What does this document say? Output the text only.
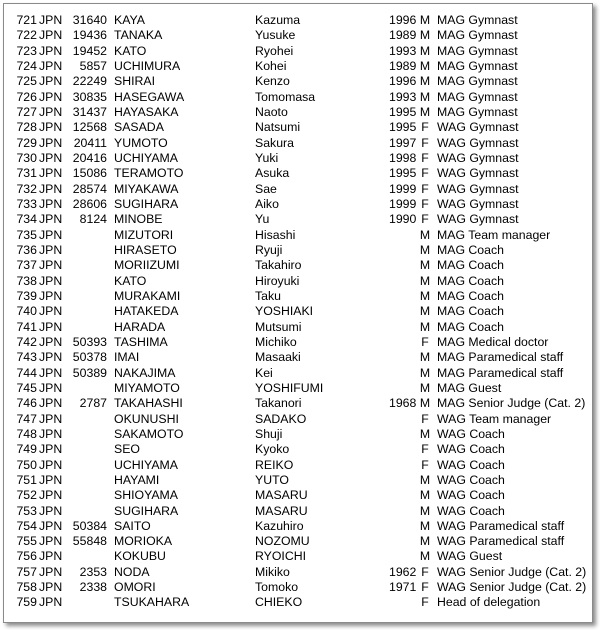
721 JPN 31640 KAYA	Kazuma	1996 M MAG Gymnast
722 JPN 19436 TANAKA	Yusuke	1989 M MAG Gymnast
723 JPN 19452 KATO	Ryohei	1993 M MAG Gymnast
724 JPN	5857 UCHIMURA	Kohei	1989 M MAG Gymnast
725 JPN 22249 SHIRAI	Kenzo	1996 M MAG Gymnast
726 JPN 30835 HASEGAWA	Tomomasa	1993 M MAG Gymnast
727 JPN 31437 HAYASAKA	Naoto	1995 M MAG Gymnast
728 JPN 12568 SASADA	Natsumi	1995 F WAG Gymnast
729 JPN 20411 YUMOTO	Sakura	1997 F WAG Gymnast
730 JPN 20416 UCHIYAMA	Yuki	1998 F WAG Gymnast
731 JPN 15086 TERAMOTO	Asuka	1995 F WAG Gymnast
732 JPN 28574 MIYAKAWA	Sae	1999 F WAG Gymnast
733 JPN 28606 SUGIHARA	Aiko	1999 F WAG Gymnast
734 JPN	8124 MINOBE	Yu	1990 F WAG Gymnast
735 JPN	MIZUTORI	Hisashi	M MAG Team manager
736 JPN	HIRASETO	Ryuji	M MAG Coach
737 JPN	MORIIZUMI	Takahiro	M MAG Coach
738 JPN	KATO	Hiroyuki	M MAG Coach
739 JPN	MURAKAMI	Taku	M MAG Coach
740 JPN	HATAKEDA	YOSHIAKI	M MAG Coach
741 JPN	HARADA	Mutsumi	M MAG Coach
742 JPN 50393 TASHIMA	Michiko	F MAG Medical doctor
743 JPN 50378 IMAI	Masaaki	M MAG Paramedical staff
744 JPN 50389 NAKAJIMA	Kei	M MAG Paramedical staff
745 JPN	MIYAMOTO	YOSHIFUMI	M MAG Guest
746 JPN	2787 TAKAHASHI	Takanori	1968 M MAG Senior Judge (Cat. 2)
747 JPN	OKUNUSHI	SADAKO	F WAG Team manager
748 JPN	SAKAMOTO	Shuji	M WAG Coach
749 JPN	SEO	Kyoko	F WAG Coach
750 JPN	UCHIYAMA	REIKO	F WAG Coach
751 JPN	HAYAMI	YUTO	M WAG Coach
752 JPN	SHIOYAMA	MASARU	M WAG Coach
753 JPN	SUGIHARA	MASARU	M WAG Coach
754 JPN 50384 SAITO	Kazuhiro	M WAG Paramedical staff
755 JPN 55848 MORIOKA	NOZOMU	M WAG Paramedical staff
756 JPN	KOKUBU	RYOICHI	M WAG Guest
757 JPN	2353 NODA	Mikiko	1962 F WAG Senior Judge (Cat. 2)
758 JPN	2338 OMORI	Tomoko	1971 F WAG Senior Judge (Cat. 2)
759 JPN	TSUKAHARA	CHIEKO	F Head of delegation
